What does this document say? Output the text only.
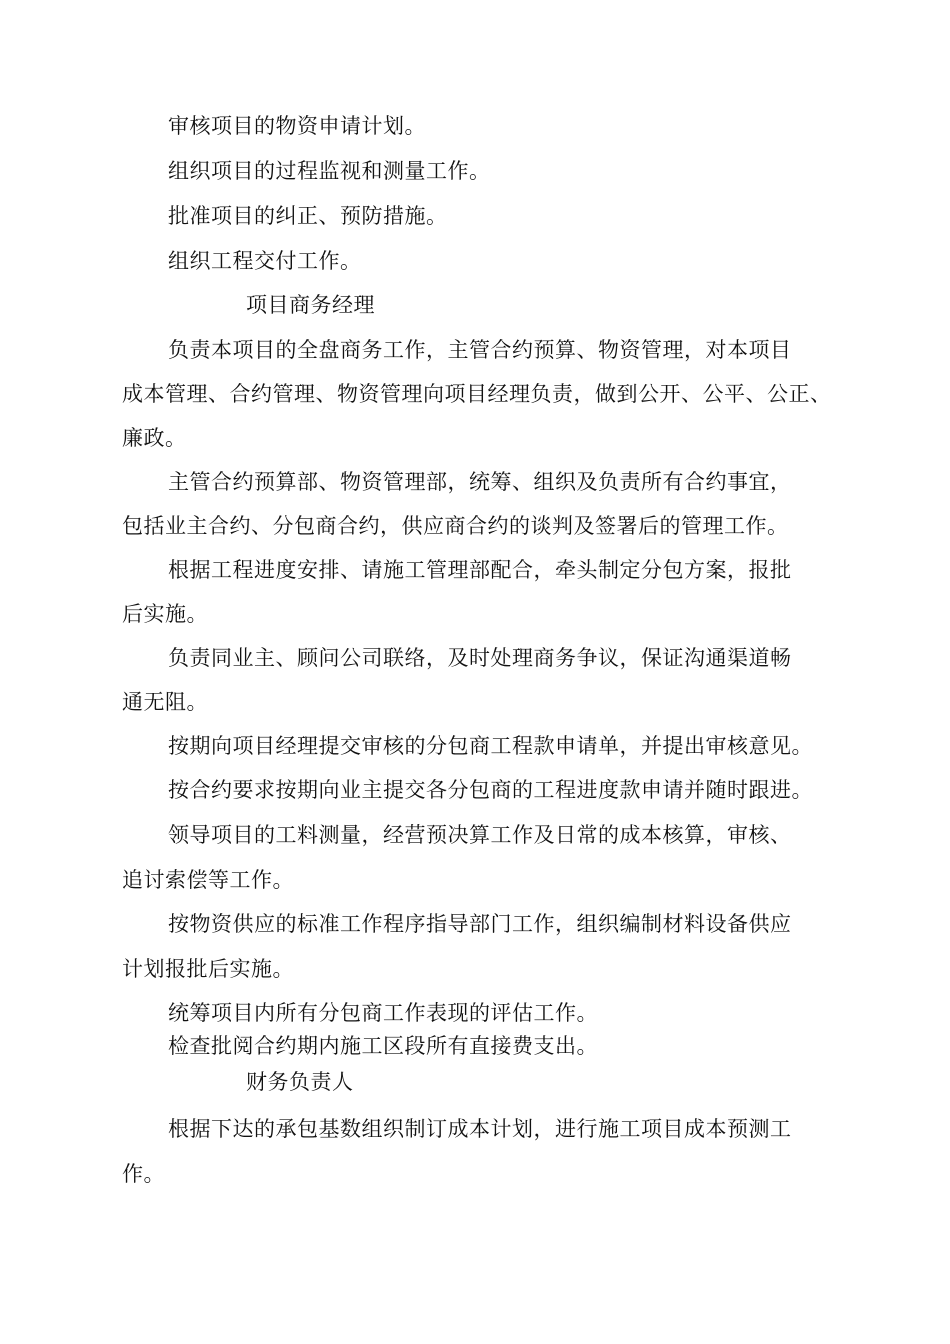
审核项目的物资申请计划。
组织项目的过程监视和测量工作。
批准项目的纠正、预防措施。
组织工程交付工作。
项目商务经理
负责本项目的全盘商务工作，主管合约预算、物资管理，对本项目
成本管理、合约管理、物资管理向项目经理负责，做到公开、公平、公正、
廉政。
主管合约预算部、物资管理部，统筹、组织及负责所有合约事宜，
包括业主合约、分包商合约，供应商合约的谈判及签署后的管理工作。
根据工程进度安排、请施工管理部配合，牵头制定分包方案，报批
后实施。
负责同业主、顾问公司联络，及时处理商务争议，保证沟通渠道畅
通无阻。
按期向项目经理提交审核的分包商工程款申请单，并提出审核意见。
按合约要求按期向业主提交各分包商的工程进度款申请并随时跟进。
领导项目的工料测量，经营预决算工作及日常的成本核算，审核、
追讨索偿等工作。
按物资供应的标准工作程序指导部门工作，组织编制材料设备供应
计划报批后实施。
统筹项目内所有分包商工作表现的评估工作。
检查批阅合约期内施工区段所有直接费支出。
财务负责人
根据下达的承包基数组织制订成本计划，进行施工项目成本预测工
作。
